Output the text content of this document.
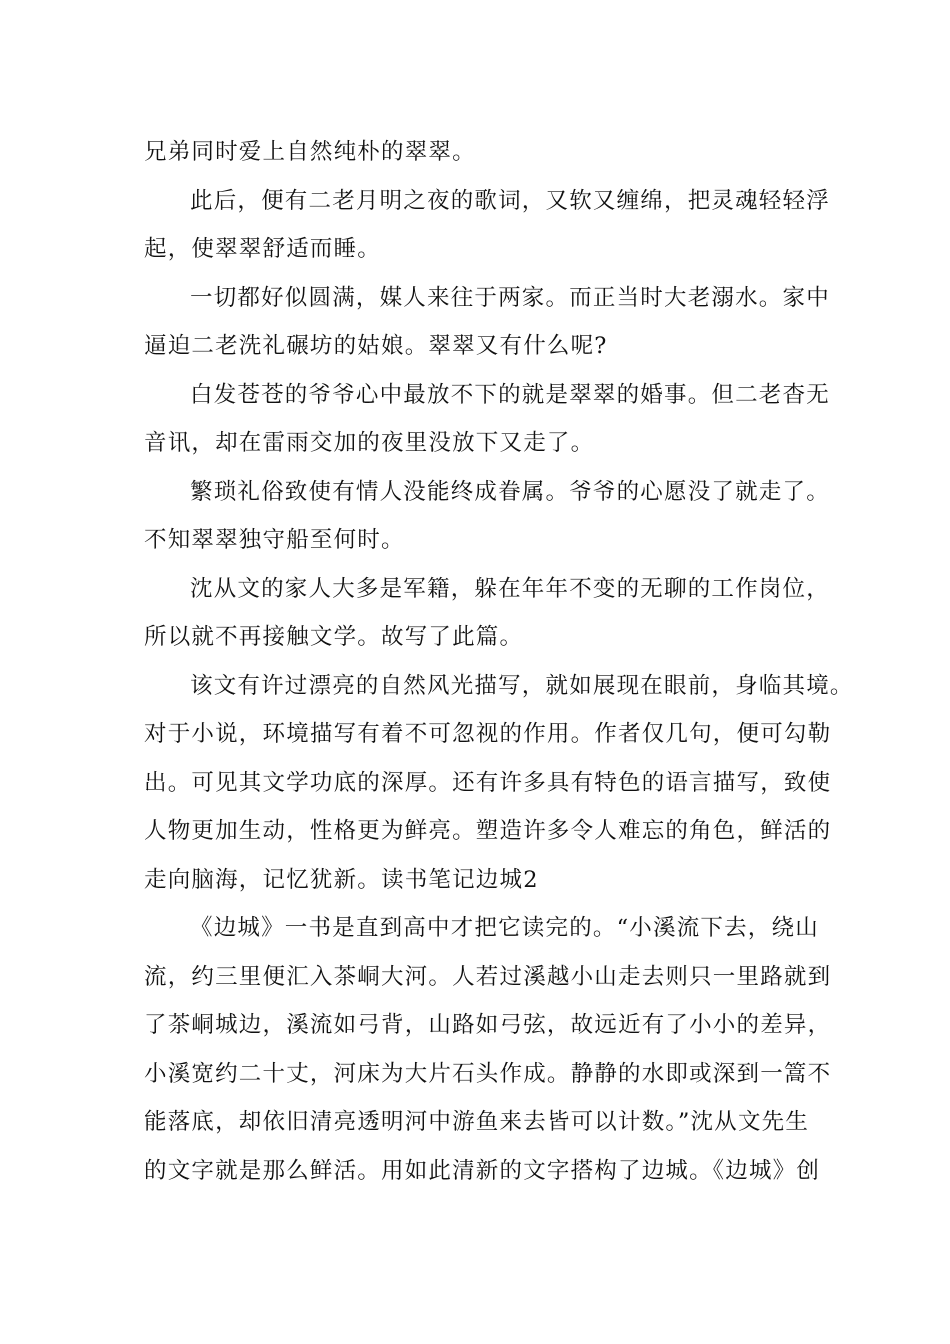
兄弟同时爱上自然纯朴的翠翠。
此后，便有二老月明之夜的歌词，又软又缠绵，把灵魂轻轻浮
起，使翠翠舒适而睡。
一切都好似圆满，媒人来往于两家。而正当时大老溺水。家中
逼迫二老洗礼碾坊的姑娘。翠翠又有什么呢?
白发苍苍的爷爷心中最放不下的就是翠翠的婚事。但二老杳无
音讯，却在雷雨交加的夜里没放下又走了。
繁琐礼俗致使有情人没能终成眷属。爷爷的心愿没了就走了。
不知翠翠独守船至何时。
沈从文的家人大多是军籍，躲在年年不变的无聊的工作岗位，
所以就不再接触文学。故写了此篇。
该文有许过漂亮的自然风光描写，就如展现在眼前，身临其境。
对于小说，环境描写有着不可忽视的作用。作者仅几句，便可勾勒
出。可见其文学功底的深厚。还有许多具有特色的语言描写，致使
人物更加生动，性格更为鲜亮。塑造许多令人难忘的角色，鲜活的
走向脑海，记忆犹新。读书笔记边城2
《边城》一书是直到高中才把它读完的。“小溪流下去，绕山
流，约三里便汇入茶峒大河。人若过溪越小山走去则只一里路就到
了茶峒城边，溪流如弓背，山路如弓弦，故远近有了小小的差异，
小溪宽约二十丈，河床为大片石头作成。静静的水即或深到一篙不
能落底，却依旧清亮透明河中游鱼来去皆可以计数。”沈从文先生
的文字就是那么鲜活。用如此清新的文字搭构了边城。《边城》创
